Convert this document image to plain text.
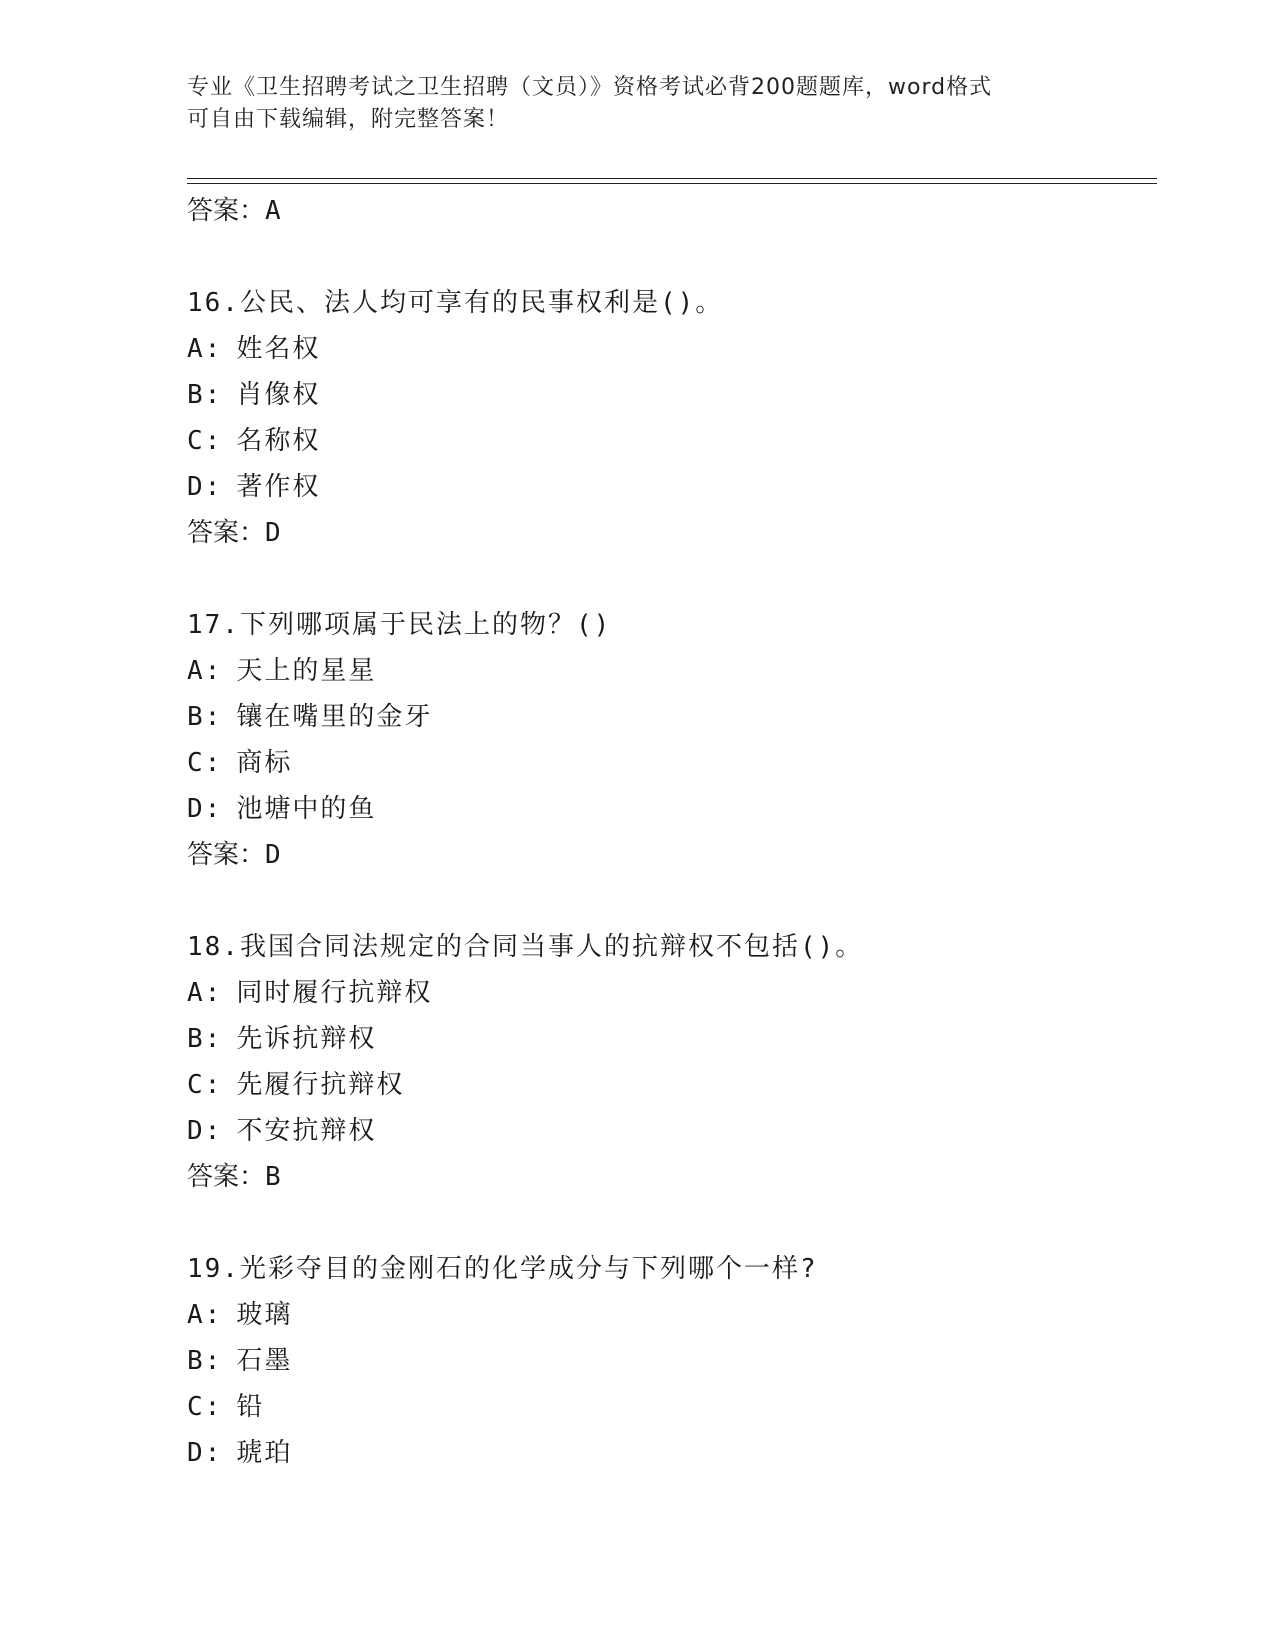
专业《卫生招聘考试之卫生招聘（文员）》资格考试必背200题题库，word格式
可自由下载编辑，附完整答案！
答案：A
16.公民、法人均可享有的民事权利是()。
A: 姓名权
B: 肖像权
C: 名称权
D: 著作权
答案：D
17.下列哪项属于民法上的物？()
A: 天上的星星
B: 镶在嘴里的金牙
C: 商标
D: 池塘中的鱼
答案：D
18.我国合同法规定的合同当事人的抗辩权不包括()。
A: 同时履行抗辩权
B: 先诉抗辩权
C: 先履行抗辩权
D: 不安抗辩权
答案：B
19.光彩夺目的金刚石的化学成分与下列哪个一样?
A: 玻璃
B: 石墨
C: 铅
D: 琥珀
